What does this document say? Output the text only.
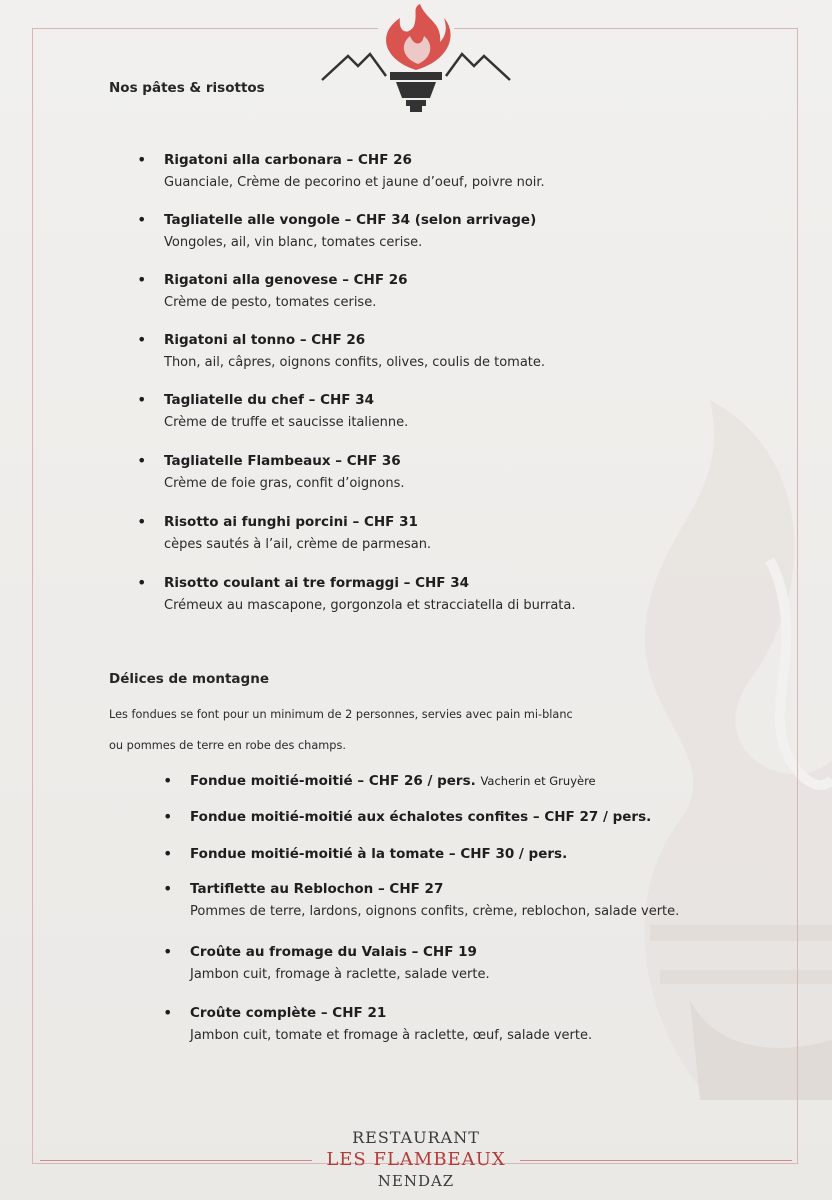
Nos pâtes & risottos
• Rigatoni alla carbonara – CHF 26
Guanciale, Crème de pecorino et jaune d’oeuf, poivre noir.
• Tagliatelle alle vongole – CHF 34 (selon arrivage)
Vongoles, ail, vin blanc, tomates cerise.
• Rigatoni alla genovese – CHF 26
Crème de pesto, tomates cerise.
• Rigatoni al tonno – CHF 26
Thon, ail, câpres, oignons confits, olives, coulis de tomate.
• Tagliatelle du chef – CHF 34
Crème de truffe et saucisse italienne.
• Tagliatelle Flambeaux – CHF 36
Crème de foie gras, confit d’oignons.
• Risotto ai funghi porcini – CHF 31
cèpes sautés à l’ail, crème de parmesan.
• Risotto coulant ai tre formaggi – CHF 34
Crémeux au mascapone, gorgonzola et stracciatella di burrata.
Délices de montagne
Les fondues se font pour un minimum de 2 personnes, servies avec pain mi-blanc
ou pommes de terre en robe des champs.
• Fondue moitié-moitié – CHF 26 / pers. Vacherin et Gruyère
• Fondue moitié-moitié aux échalotes confites – CHF 27 / pers.
• Fondue moitié-moitié à la tomate – CHF 30 / pers.
• Tartiflette au Reblochon – CHF 27
Pommes de terre, lardons, oignons confits, crème, reblochon, salade verte.
• Croûte au fromage du Valais – CHF 19
Jambon cuit, fromage à raclette, salade verte.
• Croûte complète – CHF 21
Jambon cuit, tomate et fromage à raclette, œuf, salade verte.
RESTAURANT
LES FLAMBEAUX
NENDAZ
